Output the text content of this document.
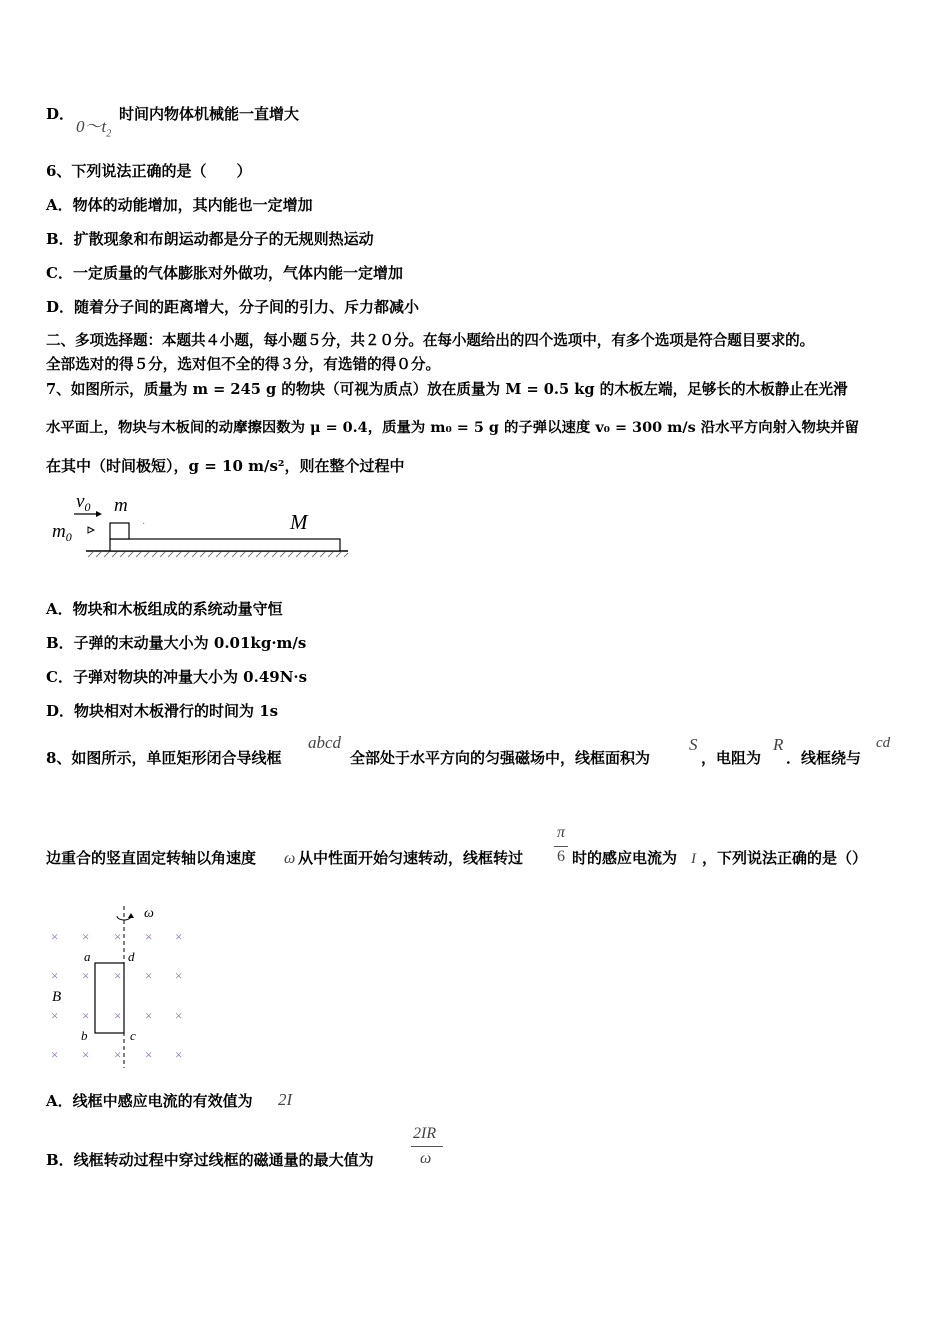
D．
$0\sim t_2$
时间内物体机械能一直增大
6、下列说法正确的是（　　）
A．物体的动能增加，其内能也一定增加
B．扩散现象和布朗运动都是分子的无规则热运动
C．一定质量的气体膨胀对外做功，气体内能一定增加
D．随着分子间的距离增大，分子间的引力、斥力都减小
二、多项选择题：本题共４小题，每小题５分，共２０分。在每小题给出的四个选项中，有多个选项是符合题目要求的。
全部选对的得５分，选对但不全的得３分，有选错的得０分。
7、如图所示，质量为 m = 245 g 的物块（可视为质点）放在质量为 M = 0.5 kg 的木板左端，足够长的木板静止在光滑
水平面上，物块与木板间的动摩擦因数为 μ = 0.4，质量为 m₀ = 5 g 的子弹以速度 v₀ = 300 m/s 沿水平方向射入物块并留
在其中（时间极短），g = 10 m/s²，则在整个过程中
$v_0$ m
$m_0$
M
·
A．物块和木板组成的系统动量守恒
B．子弹的末动量大小为 0.01kg·m/s
C．子弹对物块的冲量大小为 0.49N·s
D．物块相对木板滑行的时间为 1s
8、如图所示，单匝矩形闭合导线框
abcd
全部处于水平方向的匀强磁场中，线框面积为
S
，电阻为
R
．线框绕与
cd
边重合的竖直固定转轴以角速度 ω 从中性面开始匀速转动，线框转过
π
6 时的感应电流为 I ，下列说法正确的是（）
× × × × ×
× × × × ×
× × × × ×
× × × × ×
ω
a	d
b	c
B
A．线框中感应电流的有效值为 2I
B．线框转动过程中穿过线框的磁通量的最大值为
2IR
ω
